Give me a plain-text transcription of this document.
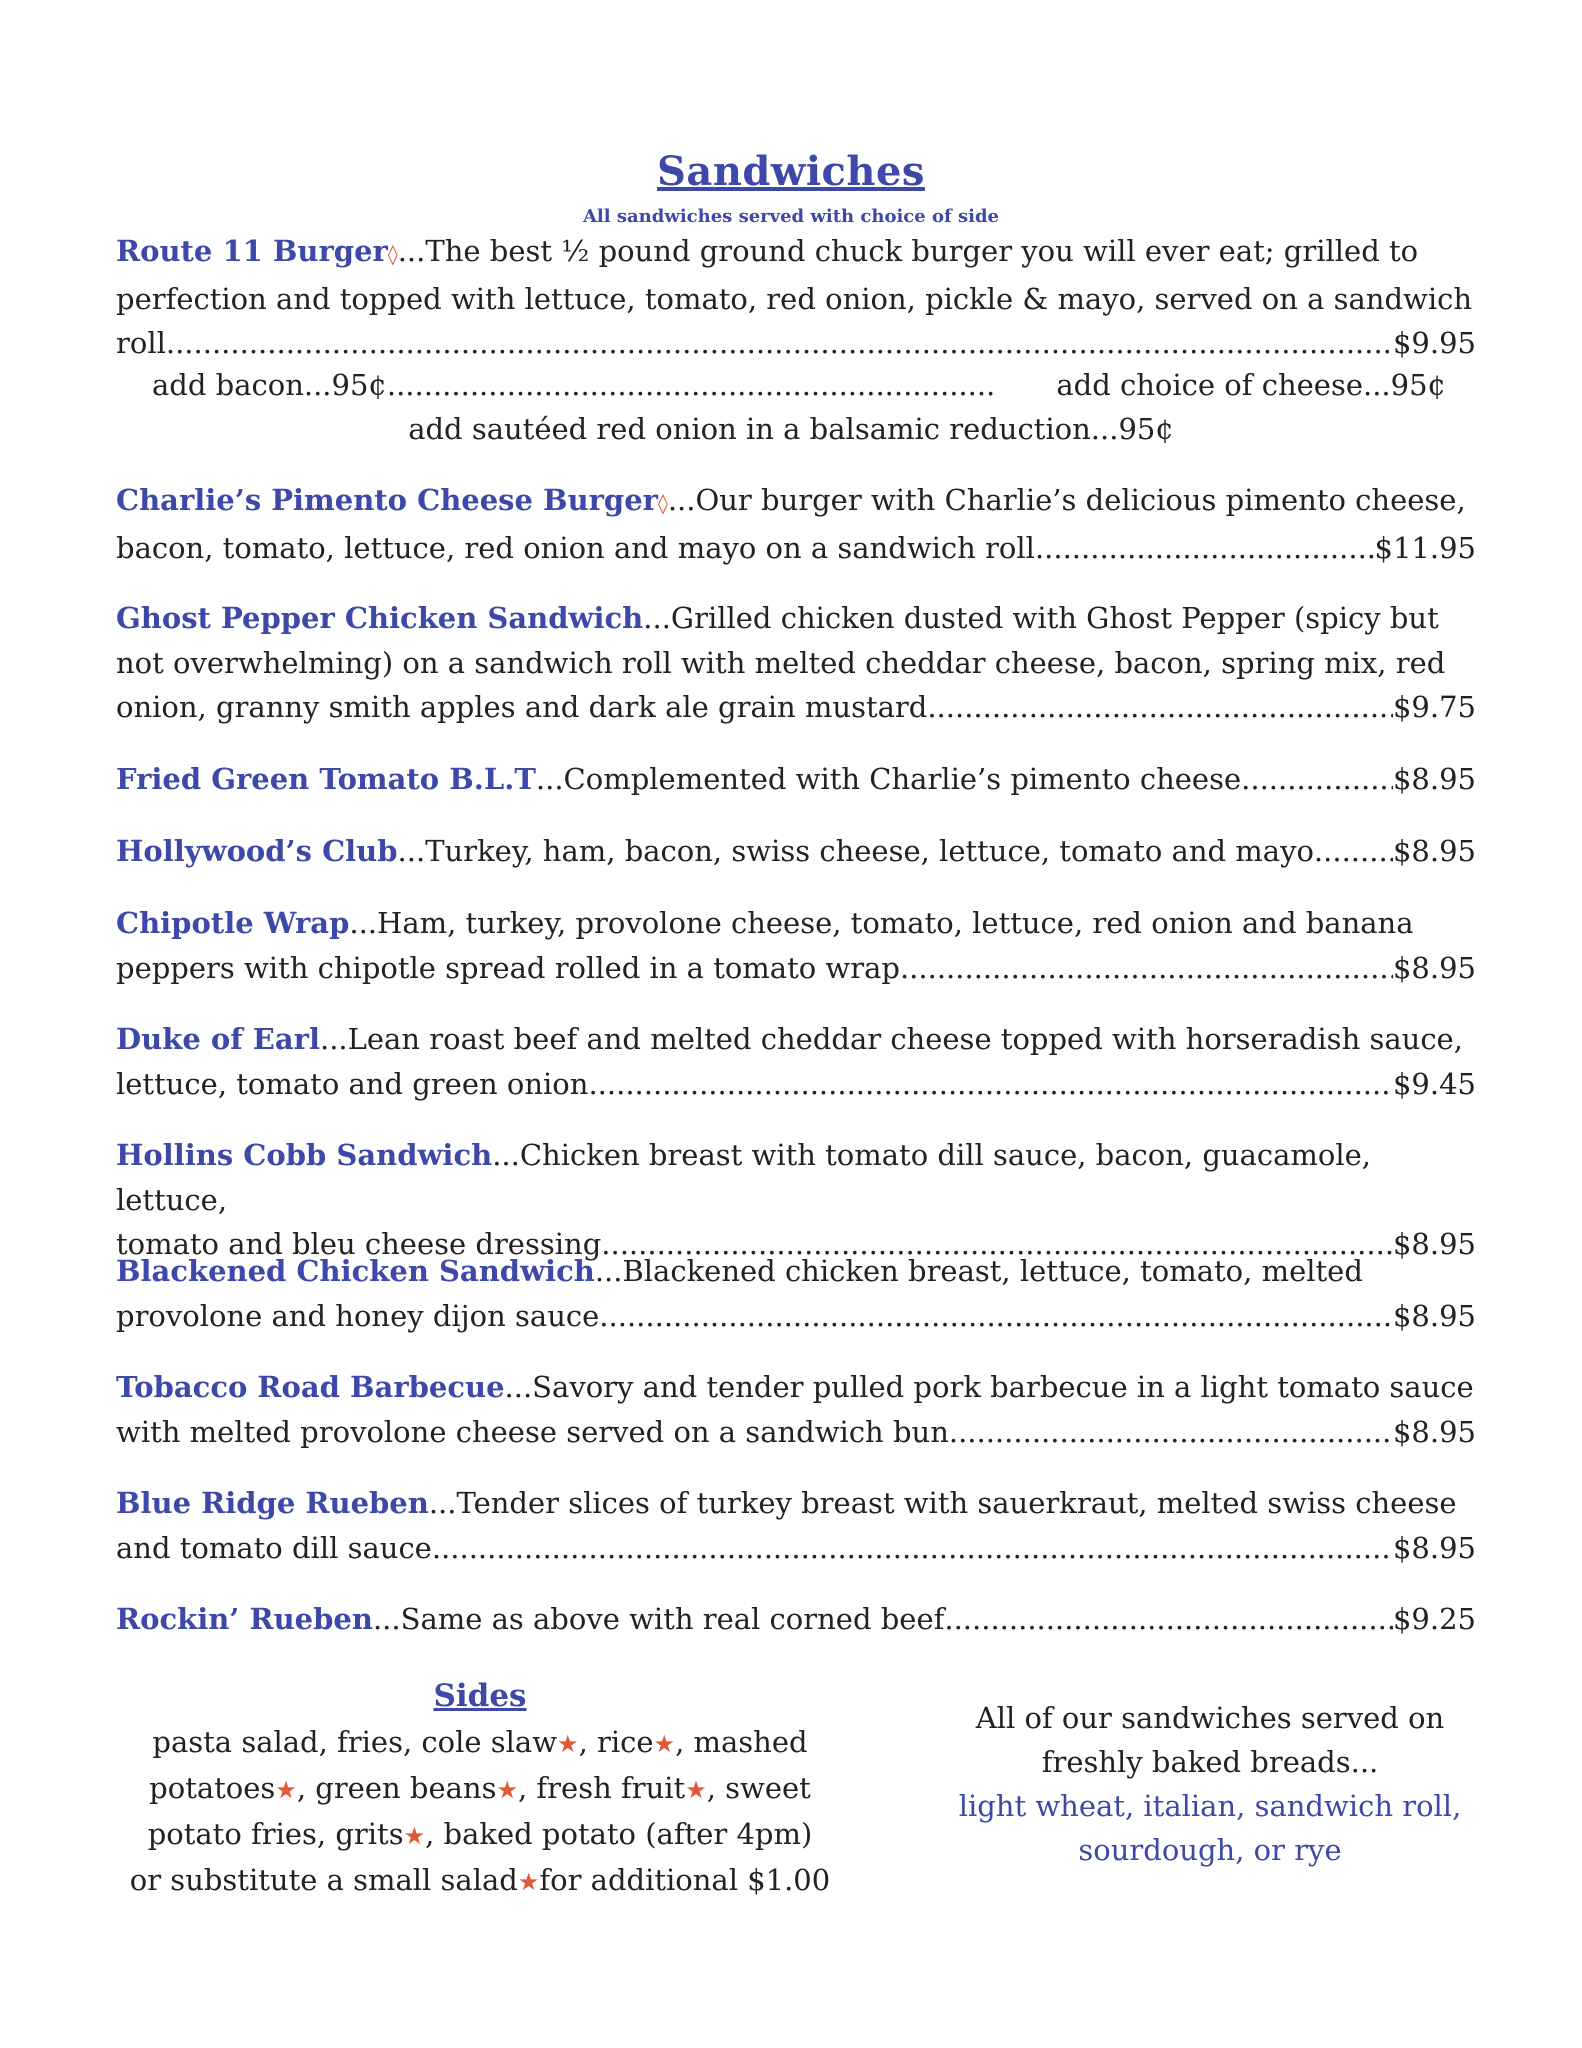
Sandwiches
All sandwiches served with choice of side
Route 11 Burger◊...The best ½ pound ground chuck burger you will ever eat; grilled to
perfection and topped with lettuce, tomato, red onion, pickle & mayo, served on a sandwich
roll .....	$9.95
add bacon...95¢ .....	add choice of cheese...95¢
add sautéed red onion in a balsamic reduction...95¢
Charlie’s Pimento Cheese Burger◊...Our burger with Charlie’s delicious pimento cheese,
bacon, tomato, lettuce, red onion and mayo on a sandwich roll .....	$11.95
Ghost Pepper Chicken Sandwich...Grilled chicken dusted with Ghost Pepper (spicy but
not overwhelming) on a sandwich roll with melted cheddar cheese, bacon, spring mix, red
onion, granny smith apples and dark ale grain mustard .....	$9.75
Fried Green Tomato B.L.T...Complemented with Charlie’s pimento cheese .....	$8.95
Hollywood’s Club...Turkey, ham, bacon, swiss cheese, lettuce, tomato and mayo .....	$8.95
Chipotle Wrap...Ham, turkey, provolone cheese, tomato, lettuce, red onion and banana
peppers with chipotle spread rolled in a tomato wrap .....	$8.95
Duke of Earl...Lean roast beef and melted cheddar cheese topped with horseradish sauce,
lettuce, tomato and green onion .....	$9.45
Hollins Cobb Sandwich...Chicken breast with tomato dill sauce, bacon, guacamole, lettuce,
tomato and bleu cheese dressing .....	$8.95
Blackened Chicken Sandwich...Blackened chicken breast, lettuce, tomato, melted
provolone and honey dijon sauce .....	$8.95
Tobacco Road Barbecue...Savory and tender pulled pork barbecue in a light tomato sauce
with melted provolone cheese served on a sandwich bun .....	$8.95
Blue Ridge Rueben...Tender slices of turkey breast with sauerkraut, melted swiss cheese
and tomato dill sauce .....	$8.95
Rockin’ Rueben...Same as above with real corned beef .....	$9.25
Sides
pasta salad, fries, cole slaw★, rice★, mashed
potatoes★, green beans★, fresh fruit★, sweet
potato fries, grits★, baked potato (after 4pm)
or substitute a small salad★for additional $1.00
All of our sandwiches served on
freshly baked breads...
light wheat, italian, sandwich roll,
sourdough, or rye
